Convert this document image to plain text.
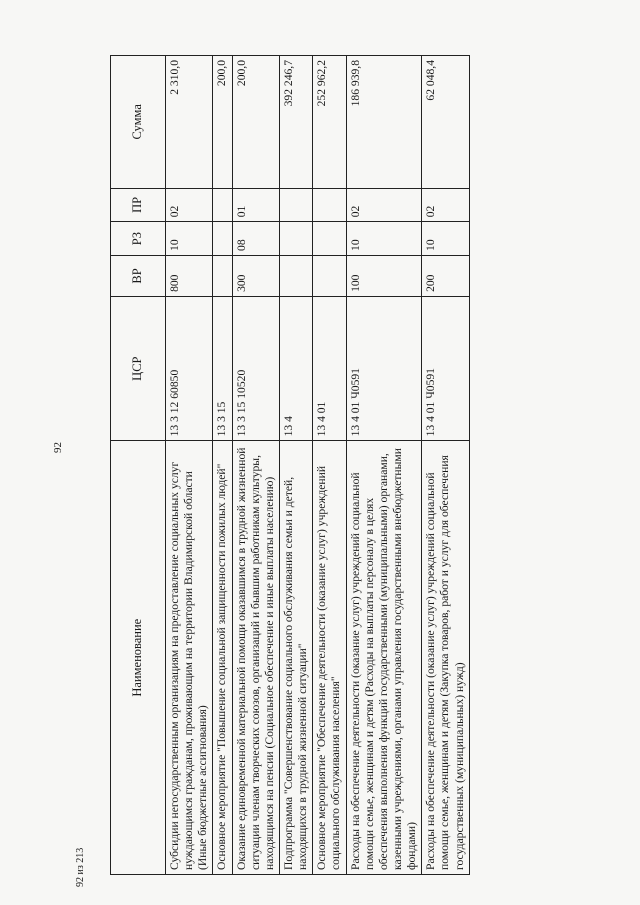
92
92 из 213
Наименование	ЦСР	ВР	РЗ	ПР	Сумма
Субсидии негосударственным организациям на предоставление социальных услуг нуждающимся гражданам, проживающим на территории Владимирской области (Иные бюджетные ассигнования)	13 3 12 60850	800	10	02	2 310,0
Основное мероприятие "Повышение социальной защищенности пожилых людей"	13 3 15				200,0
Оказание единовременной материальной помощи оказавшимся в трудной жизненной ситуации членам творческих союзов, организаций и бывшим работникам культуры, находящимся на пенсии (Социальное обеспечение и иные выплаты населению)	13 3 15 10520	300	08	01	200,0
Подпрограмма "Совершенствование социального обслуживания семьи и детей, находящихся в трудной жизненной ситуации"	13 4				392 246,7
Основное мероприятие "Обеспечение деятельности (оказание услуг) учреждений социального обслуживания населения"	13 4 01				252 962,2
Расходы на обеспечение деятельности (оказание услуг) учреждений социальной помощи семье, женщинам и детям (Расходы на выплаты персоналу в целях обеспечения выполнения функций государственными (муниципальными) органами, казенными учреждениями, органами управления государственными внебюджетными фондами)	13 4 01 Ч0591	100	10	02	186 939,8
Расходы на обеспечение деятельности (оказание услуг) учреждений социальной помощи семье, женщинам и детям (Закупка товаров, работ и услуг для обеспечения государственных (муниципальных) нужд)	13 4 01 Ч0591	200	10	02	62 048,4
